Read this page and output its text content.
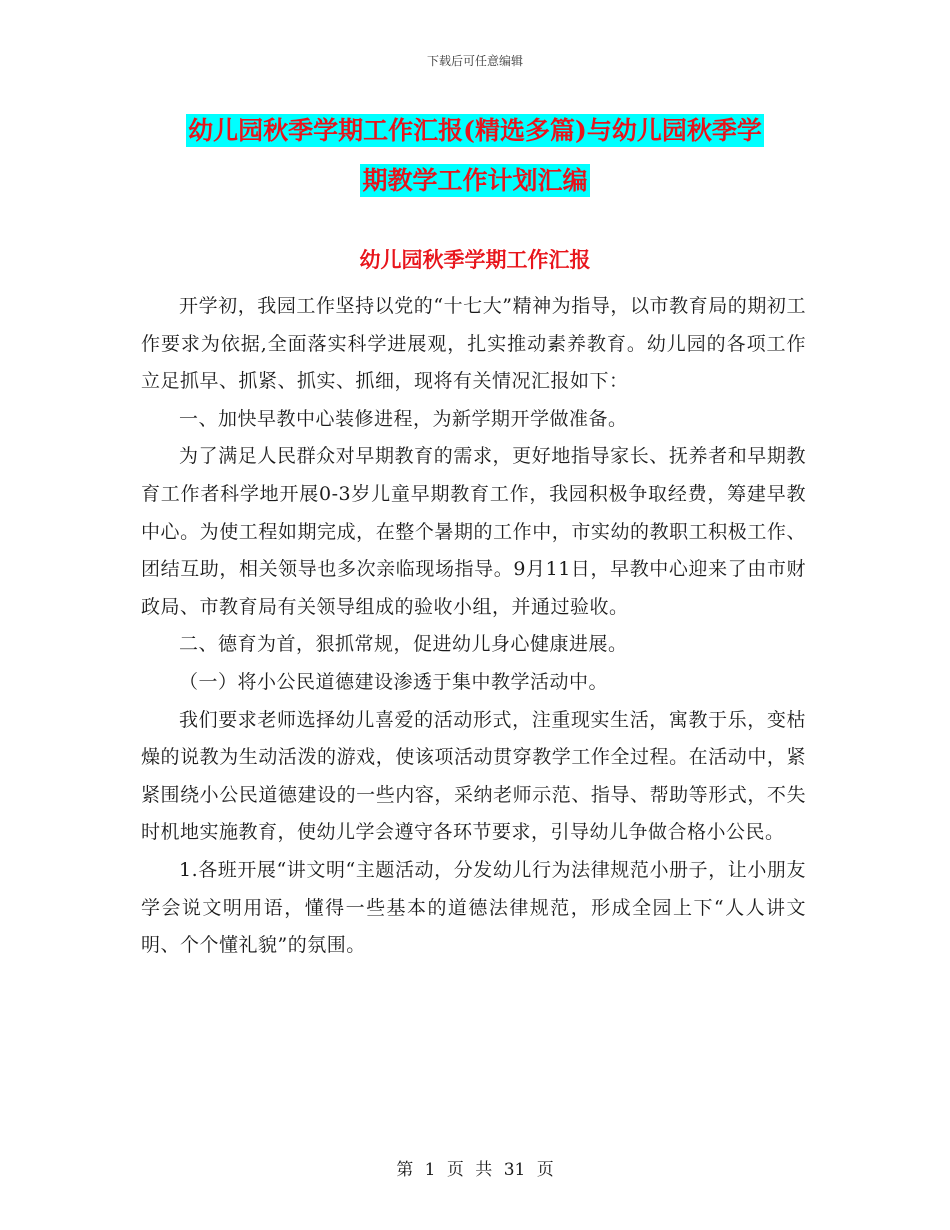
下载后可任意编辑
幼儿园秋季学期工作汇报(精选多篇)与幼儿园秋季学
期教学工作计划汇编
幼儿园秋季学期工作汇报

开学初，我园工作坚持以党的“十七大”精神为指导，以市教育局的期初工作要求为依据,全面落实科学进展观，扎实推动素养教育。幼儿园的各项工作立足抓早、抓紧、抓实、抓细，现将有关情况汇报如下：

一、加快早教中心装修进程，为新学期开学做准备。

为了满足人民群众对早期教育的需求，更好地指导家长、抚养者和早期教育工作者科学地开展0-3岁儿童早期教育工作，我园积极争取经费，筹建早教中心。为使工程如期完成，在整个暑期的工作中，市实幼的教职工积极工作、团结互助，相关领导也多次亲临现场指导。9月11日，早教中心迎来了由市财政局、市教育局有关领导组成的验收小组，并通过验收。

二、德育为首，狠抓常规，促进幼儿身心健康进展。

（一）将小公民道德建设渗透于集中教学活动中。

我们要求老师选择幼儿喜爱的活动形式，注重现实生活，寓教于乐，变枯燥的说教为生动活泼的游戏，使该项活动贯穿教学工作全过程。在活动中，紧紧围绕小公民道德建设的一些内容，采纳老师示范、指导、帮助等形式，不失时机地实施教育，使幼儿学会遵守各环节要求，引导幼儿争做合格小公民。

1.各班开展“讲文明“主题活动，分发幼儿行为法律规范小册子，让小朋友学会说文明用语，懂得一些基本的道德法律规范，形成全园上下“人人讲文明、个个懂礼貌”的氛围。

第 1 页 共 31 页
